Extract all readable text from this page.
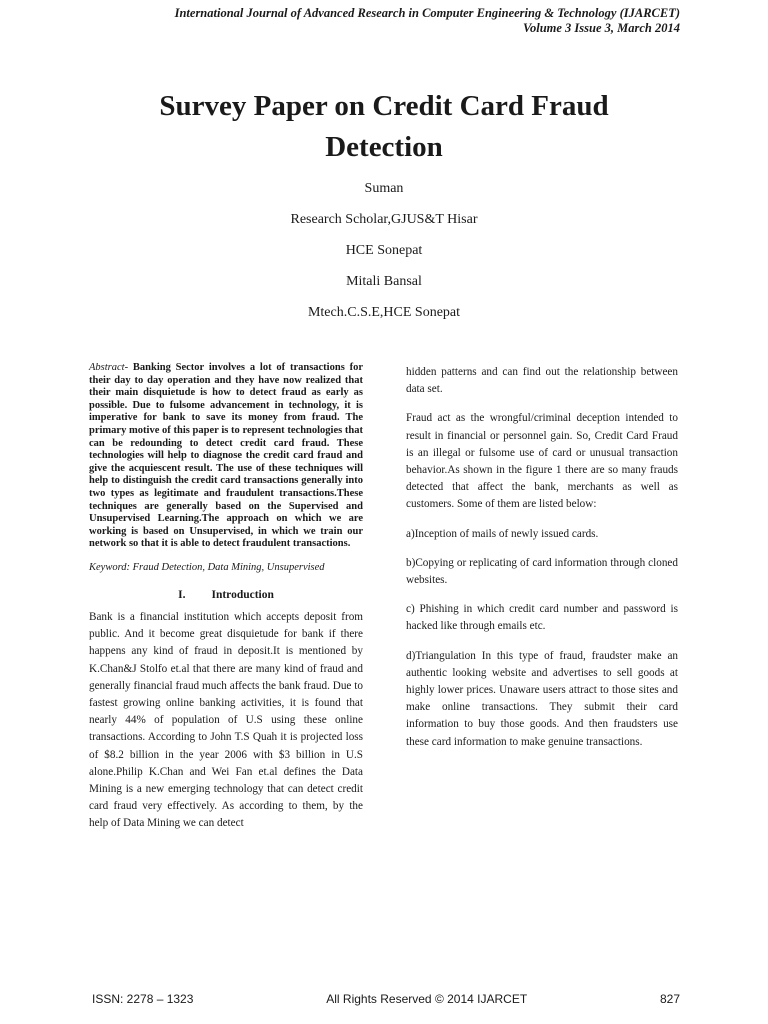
International Journal of Advanced Research in Computer Engineering & Technology (IJARCET)
Volume 3 Issue 3, March 2014
Survey Paper on Credit Card Fraud
Detection
Suman
Research Scholar,GJUS&T Hisar
HCE Sonepat
Mitali Bansal
Mtech.C.S.E,HCE Sonepat

Abstract- Banking Sector involves a lot of transactions for their day to day operation and they have now realized that their main disquietude is how to detect fraud as early as possible. Due to fulsome advancement in technology, it is imperative for bank to save its money from fraud. The primary motive of this paper is to represent technologies that can be redounding to detect credit card fraud. These technologies will help to diagnose the credit card fraud and give the acquiescent result. The use of these techniques will help to distinguish the credit card transactions generally into two types as legitimate and fraudulent transactions.These techniques are generally based on the Supervised and Unsupervised Learning.The approach on which we are working is based on Unsupervised, in which we train our network so that it is able to detect fraudulent transactions.

Keyword: Fraud Detection, Data Mining, Unsupervised

I. Introduction

Bank is a financial institution which accepts deposit from public. And it become great disquietude for bank if there happens any kind of fraud in deposit.It is mentioned by K.Chan&J Stolfo et.al that there are many kind of fraud and generally financial fraud much affects the bank fraud. Due to fastest growing online banking activities, it is found that nearly 44% of population of U.S using these online transactions. According to John T.S Quah it is projected loss of $8.2 billion in the year 2006 with $3 billion in U.S alone.Philip K.Chan and Wei Fan et.al defines the Data Mining is a new emerging technology that can detect credit card fraud very effectively. As according to them, by the help of Data Mining we can detect

hidden patterns and can find out the relationship between data set.

Fraud act as the wrongful/criminal deception intended to result in financial or personnel gain. So, Credit Card Fraud is an illegal or fulsome use of card or unusual transaction behavior.As shown in the figure 1 there are so many frauds detected that affect the bank, merchants as well as customers. Some of them are listed below:

a)Inception of mails of newly issued cards.

b)Copying or replicating of card information through cloned websites.

c) Phishing in which credit card number and password is hacked like through emails etc.

d)Triangulation In this type of fraud, fraudster make an authentic looking website and advertises to sell goods at highly lower prices. Unaware users attract to those sites and make online transactions. They submit their card information to buy those goods. And then fraudsters use these card information to make genuine transactions.

ISSN: 2278 – 1323	All Rights Reserved © 2014 IJARCET	827
